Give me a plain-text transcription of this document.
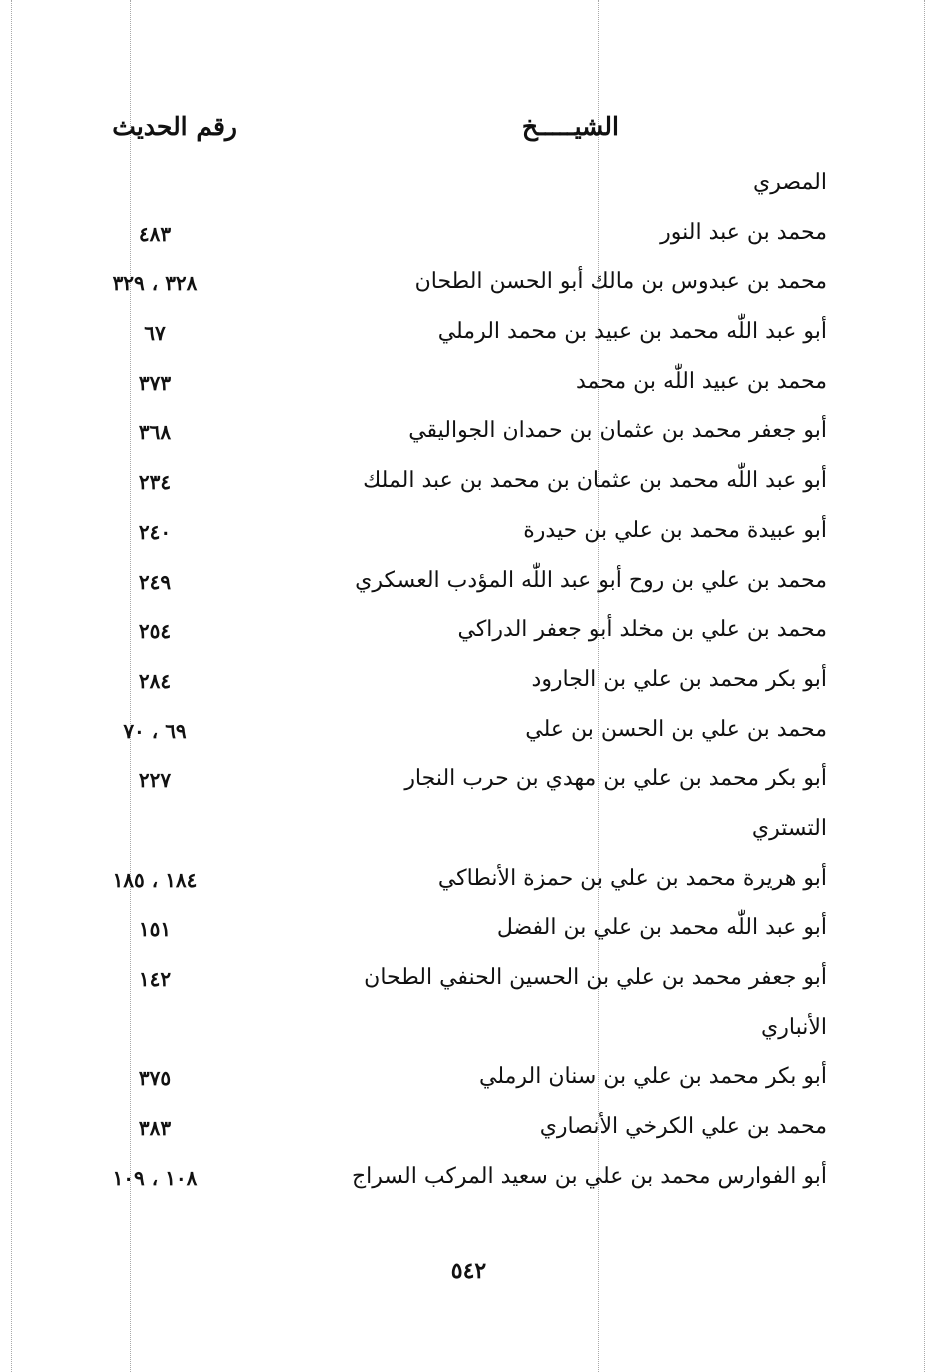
الشيـــــخ
رقم الحديث
المصري
محمد بن عبد النور
٤٨٣
محمد بن عبدوس بن مالك أبو الحسن الطحان
٣٢٨ ، ٣٢٩
أبو عبد اللّٰه محمد بن عبيد بن محمد الرملي
٦٧
محمد بن عبيد اللّٰه بن محمد
٣٧٣
أبو جعفر محمد بن عثمان بن حمدان الجواليقي
٣٦٨
أبو عبد اللّٰه محمد بن عثمان بن محمد بن عبد الملك
٢٣٤
أبو عبيدة محمد بن علي بن حيدرة
٢٤٠
محمد بن علي بن روح أبو عبد اللّٰه المؤدب العسكري
٢٤٩
محمد بن علي بن مخلد أبو جعفر الدراكي
٢٥٤
أبو بكر محمد بن علي بن الجارود
٢٨٤
محمد بن علي بن الحسن بن علي
٦٩ ، ٧٠
أبو بكر محمد بن علي بن مهدي بن حرب النجار
٢٢٧
التستري
أبو هريرة محمد بن علي بن حمزة الأنطاكي
١٨٤ ، ١٨٥
أبو عبد اللّٰه محمد بن علي بن الفضل
١٥١
أبو جعفر محمد بن علي بن الحسين الحنفي الطحان
١٤٢
الأنباري
أبو بكر محمد بن علي بن سنان الرملي
٣٧٥
محمد بن علي الكرخي الأنصاري
٣٨٣
أبو الفوارس محمد بن علي بن سعيد المركب السراج
١٠٨ ، ١٠٩
٥٤٢
